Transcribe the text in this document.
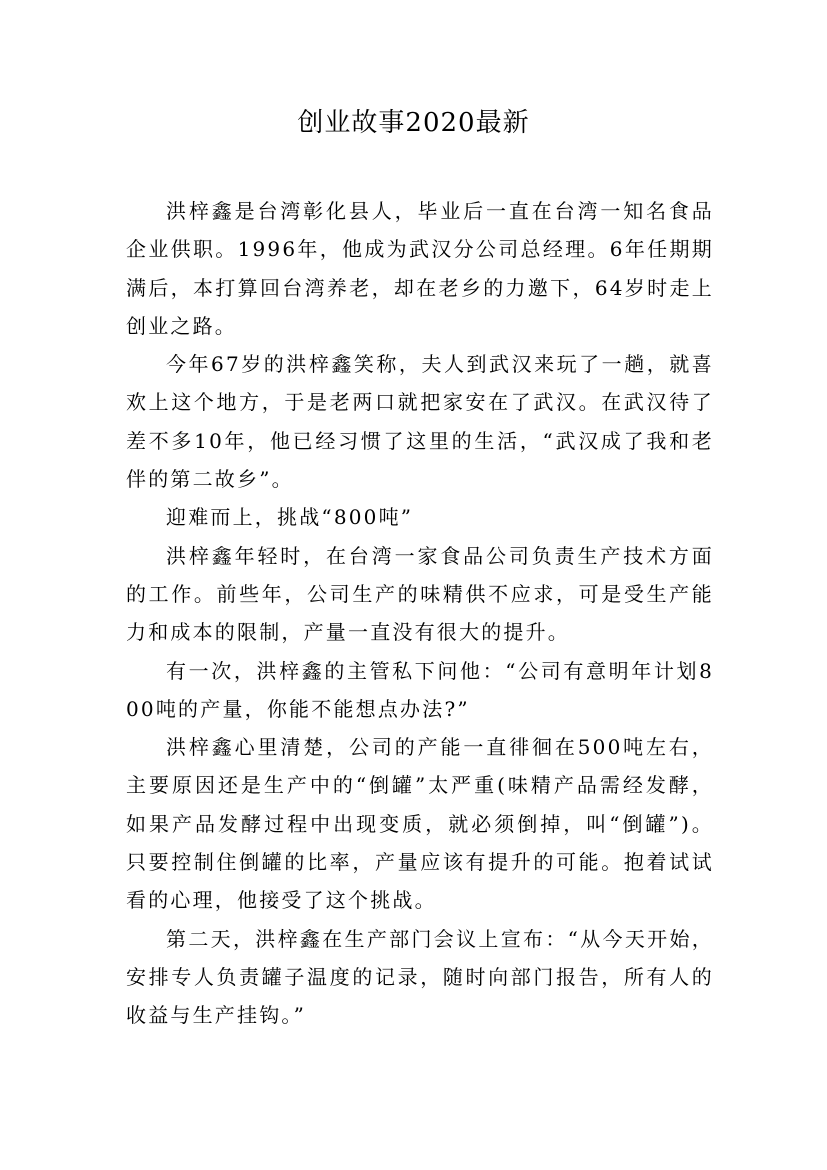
创业故事2020最新

洪梓鑫是台湾彰化县人，毕业后一直在台湾一知名食品企业供职。1996年，他成为武汉分公司总经理。6年任期期满后，本打算回台湾养老，却在老乡的力邀下，64岁时走上创业之路。

今年67岁的洪梓鑫笑称，夫人到武汉来玩了一趟，就喜欢上这个地方，于是老两口就把家安在了武汉。在武汉待了差不多10年，他已经习惯了这里的生活，“武汉成了我和老伴的第二故乡”。

迎难而上，挑战“800吨”

洪梓鑫年轻时，在台湾一家食品公司负责生产技术方面的工作。前些年，公司生产的味精供不应求，可是受生产能力和成本的限制，产量一直没有很大的提升。

有一次，洪梓鑫的主管私下问他：“公司有意明年计划800吨的产量，你能不能想点办法?”

洪梓鑫心里清楚，公司的产能一直徘徊在500吨左右，主要原因还是生产中的“倒罐”太严重(味精产品需经发酵，如果产品发酵过程中出现变质，就必须倒掉，叫“倒罐”)。只要控制住倒罐的比率，产量应该有提升的可能。抱着试试看的心理，他接受了这个挑战。

第二天，洪梓鑫在生产部门会议上宣布：“从今天开始，安排专人负责罐子温度的记录，随时向部门报告，所有人的收益与生产挂钩。”
